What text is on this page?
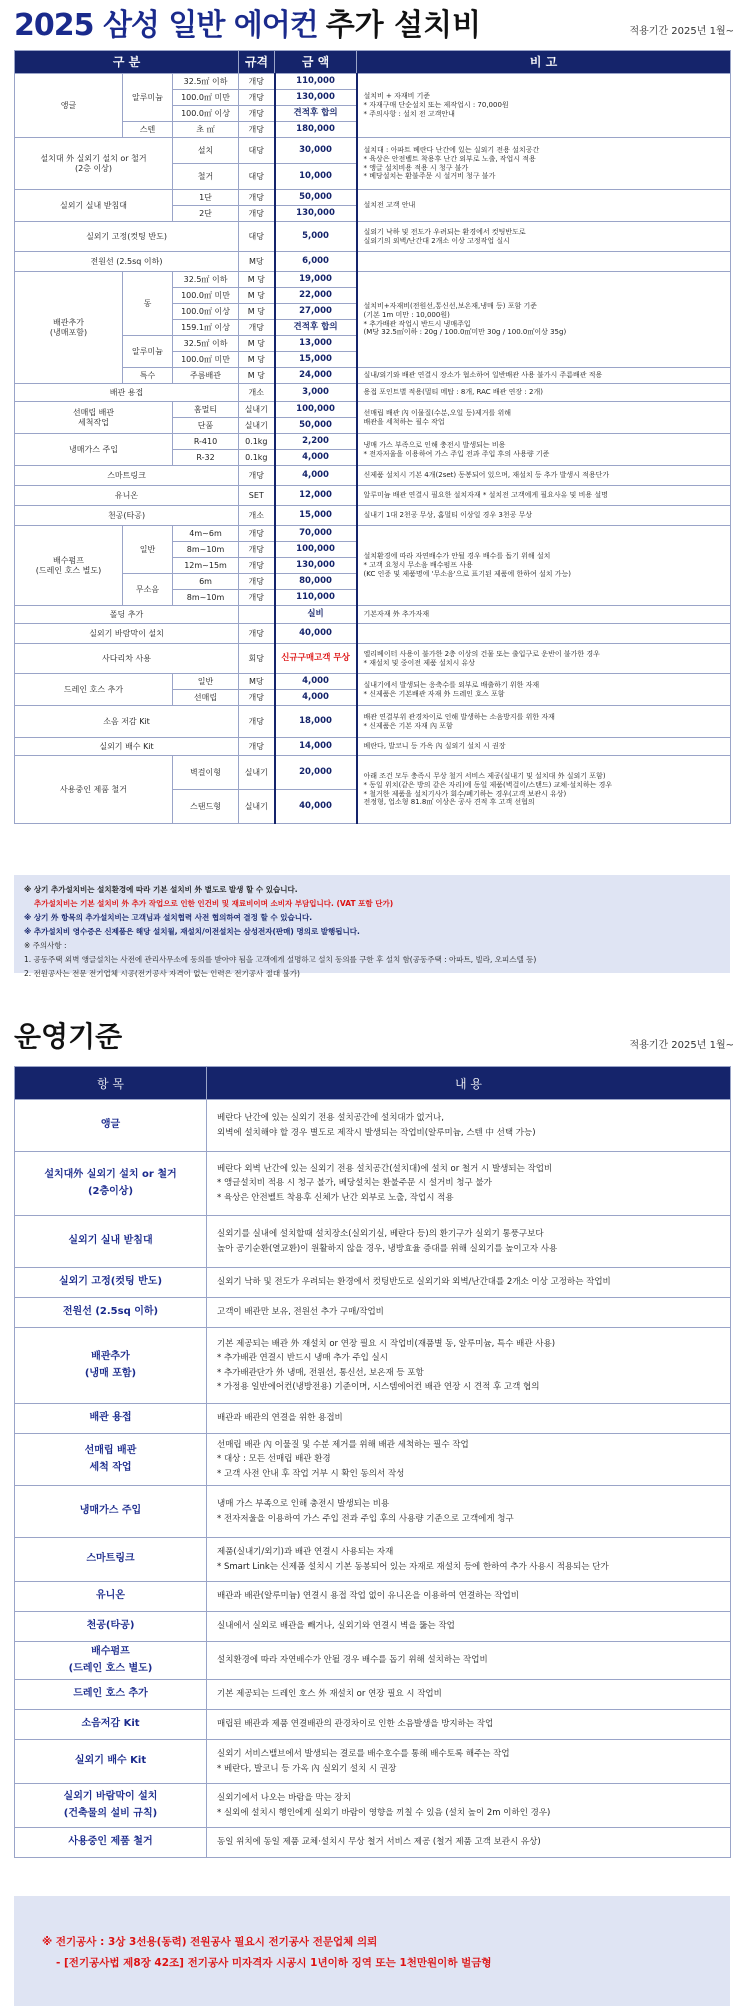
2025 삼성 일반 에어컨 추가 설치비	적용기간 2025년 1월~
구 분			규격	금 액	비 고
앵글	알루미늄	32.5㎡ 이하	개당	110,000	설치비 + 자재비 기준
* 자재구매 단순설치 또는 제작업시 : 70,000원
* 주의사항 : 설치 전 고객안내
		100.0㎡ 미만	개당	130,000	
		100.0㎡ 이상	개당	견적후 합의	
	스텐	초 ㎡	개당	180,000	
설치대 外 실외기 설치 or 철거
(2층 이상)		설치	대당	30,000	설치대 : 아파트 베란다 난간에 있는 실외기 전용 설치공간
* 육상은 안전벨트 착용후 난간 외부로 노출, 작업시 적용
* 앵글 설치비용 적용 시 청구 불가
* 베당설치는 환불주문 시 설거비 청구 불가
		철거	대당	10,000	
실외기 실내 받침대		1단	개당	50,000	설치전 고객 안내
		2단	개당	130,000	
실외기 고정(컷팅 반도)			대당	5,000	실외기 낙하 및 전도가 우려되는 환경에서 컷팅반도로
실외기의 외벽/난간대 2개소 이상 고정작업 실시
전원선 (2.5sq 이하)			M당	6,000	
배관추가
(냉매포함)	동	32.5㎡ 이하	M 당	19,000	설치비+자재비(전원선,통신선,보온재,냉매 등) 포함 기준
(기본 1m 미만 : 10,000원)
* 추가배관 작업시 반드시 냉매주입
(M당 32.5㎡이하 : 20g / 100.0㎡미만 30g / 100.0㎡이상 35g)
		100.0㎡ 미만	M 당	22,000	
		100.0㎡ 이상	M 당	27,000	
		159.1㎡ 이상	개당	견적후 합의	
	알루미늄	32.5㎡ 이하	M 당	13,000	
		100.0㎡ 미만	M 당	15,000	
	특수	주름배관	M 당	24,000	실내/외기와 배관 연결시 장소가 협소하여 일반배관 사용 불가시 주름배관 적용
배관 용접			개소	3,000	용접 포인트별 적용(멀티 메탑 : 8개, RAC 배관 연장 : 2개)
선매립 배관
세척작업		홈멀티	실내기	100,000	선매립 배관 內 이물질(수분,오일 등)제거를 위해
배관을 세척하는 필수 작업
		단품	실내기	50,000	
냉매가스 주입		R-410	0.1kg	2,200	냉매 가스 부족으로 인해 충전시 발생되는 비용
* 전자저울을 이용하여 가스 주입 전과 주입 후의 사용량 기준
		R-32	0.1kg	4,000	
스마트링크			개당	4,000	신제품 설치시 기본 4개(2set) 동봉되어 있으며, 재설치 등 추가 발생시 적용단가
유니온			SET	12,000	알루미늄 배관 연결시 필요한 설치자재 * 설치전 고객에게 필요사유 및 비용 설명
천공(타공)			개소	15,000	실내기 1대 2천공 무상, 홈멀티 이상일 경우 3천공 무상
배수펌프
(드레인 호스 별도)	일반	4m~6m	개당	70,000	설치환경에 따라 자연배수가 안될 경우 배수를 돕기 위해 설치
* 고객 요청시 무소음 배수펌프 사용
(KC 인증 및 제품명에 '무소음'으로 표기된 제품에 한하여 설치 가능)
		8m~10m	개당	100,000	
		12m~15m	개당	130,000	
	무소음	6m	개당	80,000	
		8m~10m	개당	110,000	
폴딩 추가				실비	기본자재 外 추가자재
실외기 바람막이 설치			개당	40,000	
사다리차 사용			회당	신규구매고객 무상	엘리베이터 사용이 불가한 2층 이상의 건물 또는 출입구로 운반이 불가한 경우
* 재설치 및 중이전 제품 설치시 유상
드레인 호스 추가		일반	M당	4,000	실내기에서 발생되는 응축수를 외부로 배출하기 위한 자재
* 신제품은 기본배관 자재 外 드레인 호스 포함
		선매립	개당	4,000	
소음 저감 Kit			개당	18,000	배관 연결부위 관경차이로 인해 발생하는 소음방지를 위한 자재
* 신제품은 기본 자재 內 포함
실외기 배수 Kit			개당	14,000	베란다, 발코니 등 가옥 內 실외기 설치 시 권장
사용중인 제품 철거		벽걸이형	실내기	20,000	아래 조건 모두 충족시 무상 철거 서비스 제공(실내기 및 설치대 外 실외기 포함)
* 동일 위치(같은 방의 같은 자리)에 동일 제품(벽걸이/스탠드) 교체·설치하는 경우
* 철거한 제품을 설치기사가 회수/폐기하는 경우(고객 보관시 유상)
전정형, 업소형 81.8㎡ 이상은 공사 견적 후 고객 선협의
		스탠드형	실내기	40,000	
※ 상기 추가설치비는 설치환경에 따라 기본 설치비 外 별도로 발생 할 수 있습니다.
추가설치비는 기본 설치비 外 추가 작업으로 인한 인건비 및 재료비이며 소비자 부담입니다. (VAT 포함 단가)
※ 상기 外 항목의 추가설치비는 고객님과 설치협력 사전 협의하여 결정 할 수 있습니다.
※ 추가설치비 영수증은 신제품은 해당 설치월, 재설치/이전설치는 삼성전자(판매) 명의로 발행됩니다.
※ 주의사항 :
1. 공동주택 외벽 앵글설치는 사전에 관리사무소에 동의를 받아야 됨을 고객에게 설명하고 설치 동의를 구한 후 설치 함(공동주택 : 아파트, 빌라, 오피스텔 등)
2. 전원공사는 전문 전기업체 시공(전기공사 자격이 없는 인력은 전기공사 절대 불가)
운영기준	적용기간 2025년 1월~
항 목	내 용
앵글	베란다 난간에 있는 실외기 전용 설치공간에 설치대가 없거나,
외벽에 설치해야 할 경우 별도로 제작시 발생되는 작업비(알루미늄, 스텐 中 선택 가능)
설치대外 실외기 설치 or 철거
(2층이상)	베란다 외벽 난간에 있는 실외기 전용 설치공간(설치대)에 설치 or 철거 시 발생되는 작업비
* 앵글설치비 적용 시 청구 불가, 베당설치는 환불주문 시 설거비 청구 불가
* 육상은 안전벨트 착용후 신체가 난간 외부로 노출, 작업시 적용
실외기 실내 받침대	실외기를 실내에 설치할때 설치장소(실외기실, 베란다 등)의 환기구가 실외기 통풍구보다
높아 공기순환(열교환)이 원활하지 않을 경우, 냉방효율 증대를 위해 실외기를 높이고자 사용
실외기 고정(컷팅 반도)	실외기 낙하 및 전도가 우려되는 환경에서 컷팅반도로 실외기와 외벽/난간대를 2개소 이상 고정하는 작업비
전원선 (2.5sq 이하)	고객이 배관만 보유, 전원선 추가 구매/작업비
배관추가
(냉매 포함)	기본 제공되는 배관 外 재설치 or 연장 필요 시 작업비(재품별 동, 알루미늄, 특수 배관 사용)
* 추가배관 연결시 반드시 냉매 추가 주입 실시
* 추가배관단가 外 냉매, 전원선, 통신선, 보온재 등 포함
* 가정용 일반에어컨(냉방전용) 기준이며, 시스템에어컨 배관 연장 시 견적 후 고객 협의
배관 용접	배관과 배관의 연결을 위한 용접비
선매립 배관
세척 작업	선매립 배관 內 이물질 및 수분 제거를 위해 배관 세척하는 필수 작업
* 대상 : 모든 선매립 배관 환경
* 고객 사전 안내 후 작업 거부 시 확인 동의서 작성
냉매가스 주입	냉매 가스 부족으로 인해 충전시 발생되는 비용
* 전자저울을 이용하여 가스 주입 전과 주입 후의 사용량 기준으로 고객에게 청구
스마트링크	제품(실내기/외기)과 배관 연결시 사용되는 자재
* Smart Link는 신제품 설치시 기본 동봉되어 있는 자재로 재설치 등에 한하여 추가 사용시 적용되는 단가
유니온	배관과 배관(알루미늄) 연결시 용접 작업 없이 유니온을 이용하여 연결하는 작업비
천공(타공)	실내에서 실외로 배관을 빼거나, 실외기와 연결시 벽을 뚫는 작업
배수펌프
(드레인 호스 별도)	설치환경에 따라 자연배수가 안될 경우 배수를 돕기 위해 설치하는 작업비
드레인 호스 추가	기본 제공되는 드레인 호스 外 재설치 or 연장 필요 시 작업비
소음저감 Kit	매립된 배관과 제품 연결배관의 관경차이로 인한 소음발생을 방지하는 작업
실외기 배수 Kit	실외기 서비스밸브에서 발생되는 결로를 배수호수를 통해 배수토록 해주는 작업
* 베란다, 발코니 등 가옥 內 실외기 설치 시 권장
실외기 바람막이 설치
(건축물의 설비 규칙)	실외기에서 나오는 바람을 막는 장치
* 실외에 설치시 행인에게 실외기 바람이 영향을 끼칠 수 있음 (설치 높이 2m 이하인 경우)
사용중인 제품 철거	동일 위치에 동일 제품 교체·설치시 무상 철거 서비스 제공 (철거 제품 고객 보관시 유상)
※ 전기공사 : 3상 3선용(동력) 전원공사 필요시 전기공사 전문업체 의뢰
- [전기공사법 제8장 42조] 전기공사 미자격자 시공시 1년이하 징역 또는 1천만원이하 벌금형
